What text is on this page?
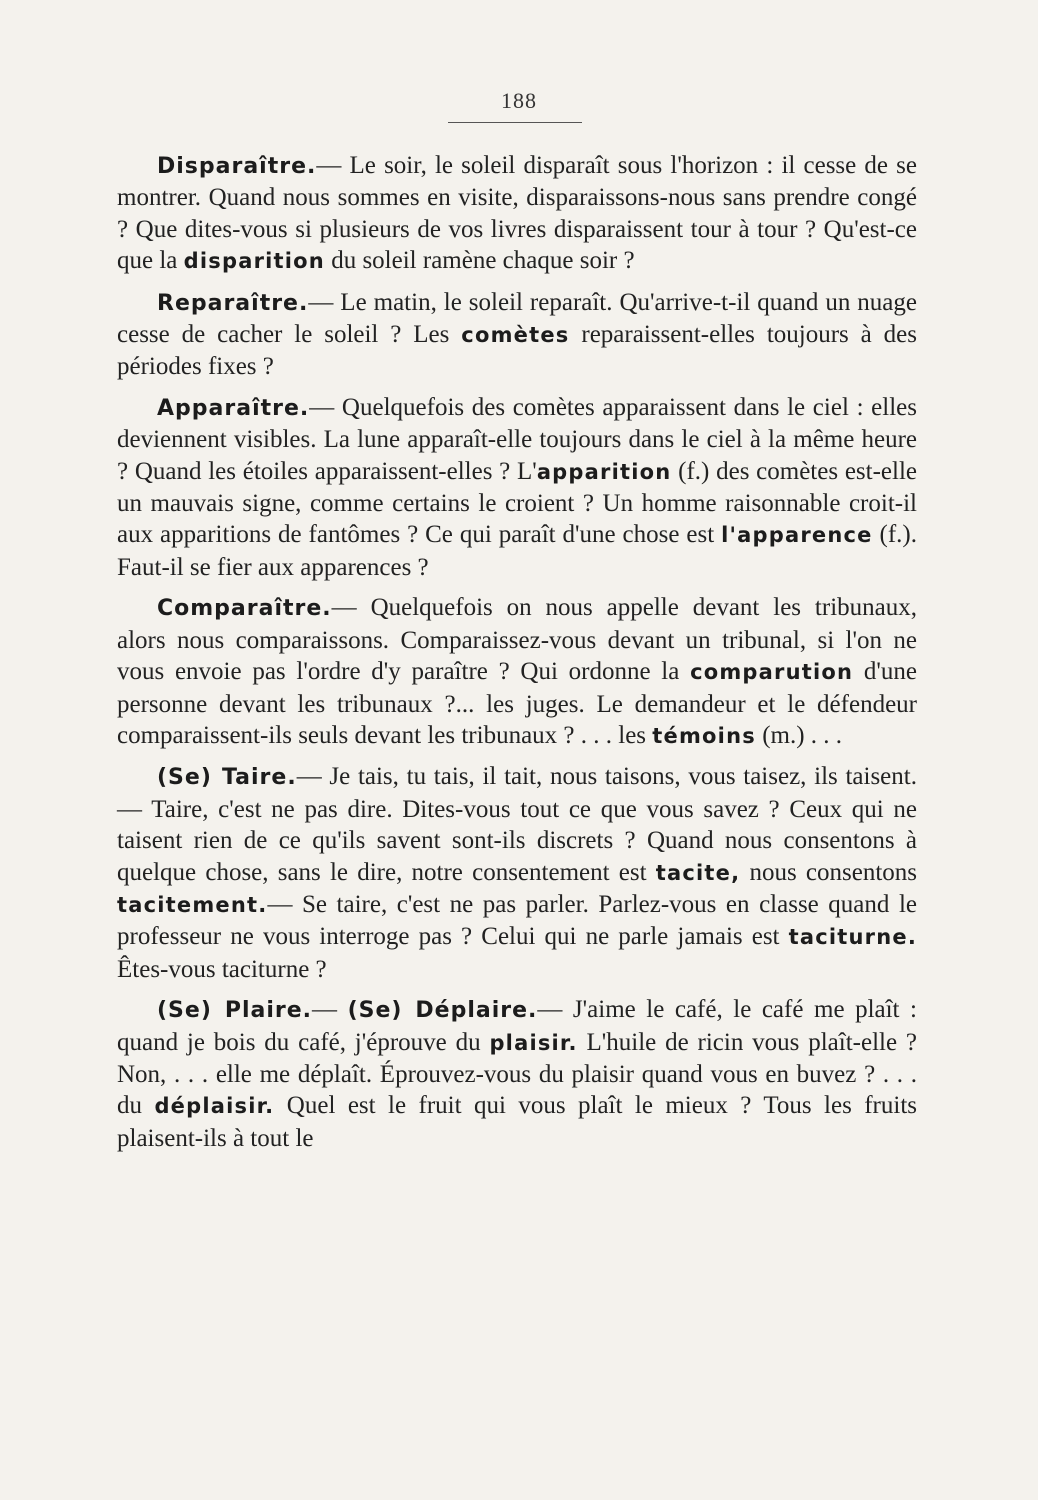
188

Disparaître.— Le soir, le soleil disparaît sous l'horizon : il cesse de se montrer. Quand nous sommes en visite, disparaissons-nous sans prendre congé ? Que dites-vous si plusieurs de vos livres disparaissent tour à tour ? Qu'est-ce que la disparition du soleil ramène chaque soir ?

Reparaître.— Le matin, le soleil reparaît. Qu'arrive-t-il quand un nuage cesse de cacher le soleil ? Les comètes reparaissent-elles toujours à des périodes fixes ?

Apparaître.— Quelquefois des comètes apparaissent dans le ciel : elles deviennent visibles. La lune apparaît-elle toujours dans le ciel à la même heure ? Quand les étoiles apparaissent-elles ? L'apparition (f.) des comètes est-elle un mauvais signe, comme certains le croient ? Un homme raisonnable croit-il aux apparitions de fantômes ? Ce qui paraît d'une chose est l'apparence (f.). Faut-il se fier aux apparences ?

Comparaître.— Quelquefois on nous appelle devant les tribunaux, alors nous comparaissons. Comparaissez-vous devant un tribunal, si l'on ne vous envoie pas l'ordre d'y paraître ? Qui ordonne la comparution d'une personne devant les tribunaux ?... les juges. Le demandeur et le défendeur comparaissent-ils seuls devant les tribunaux ? . . . les témoins (m.) . . .

(Se) Taire.— Je tais, tu tais, il tait, nous taisons, vous taisez, ils taisent.— Taire, c'est ne pas dire. Dites-vous tout ce que vous savez ? Ceux qui ne taisent rien de ce qu'ils savent sont-ils discrets ? Quand nous consentons à quelque chose, sans le dire, notre consentement est tacite, nous consentons tacitement.— Se taire, c'est ne pas parler. Parlez-vous en classe quand le professeur ne vous interroge pas ? Celui qui ne parle jamais est taciturne. Êtes-vous taciturne ?

(Se) Plaire.— (Se) Déplaire.— J'aime le café, le café me plaît : quand je bois du café, j'éprouve du plaisir. L'huile de ricin vous plaît-elle ? Non, . . . elle me déplaît. Éprouvez-vous du plaisir quand vous en buvez ? . . . du déplaisir. Quel est le fruit qui vous plaît le mieux ? Tous les fruits plaisent-ils à tout le
